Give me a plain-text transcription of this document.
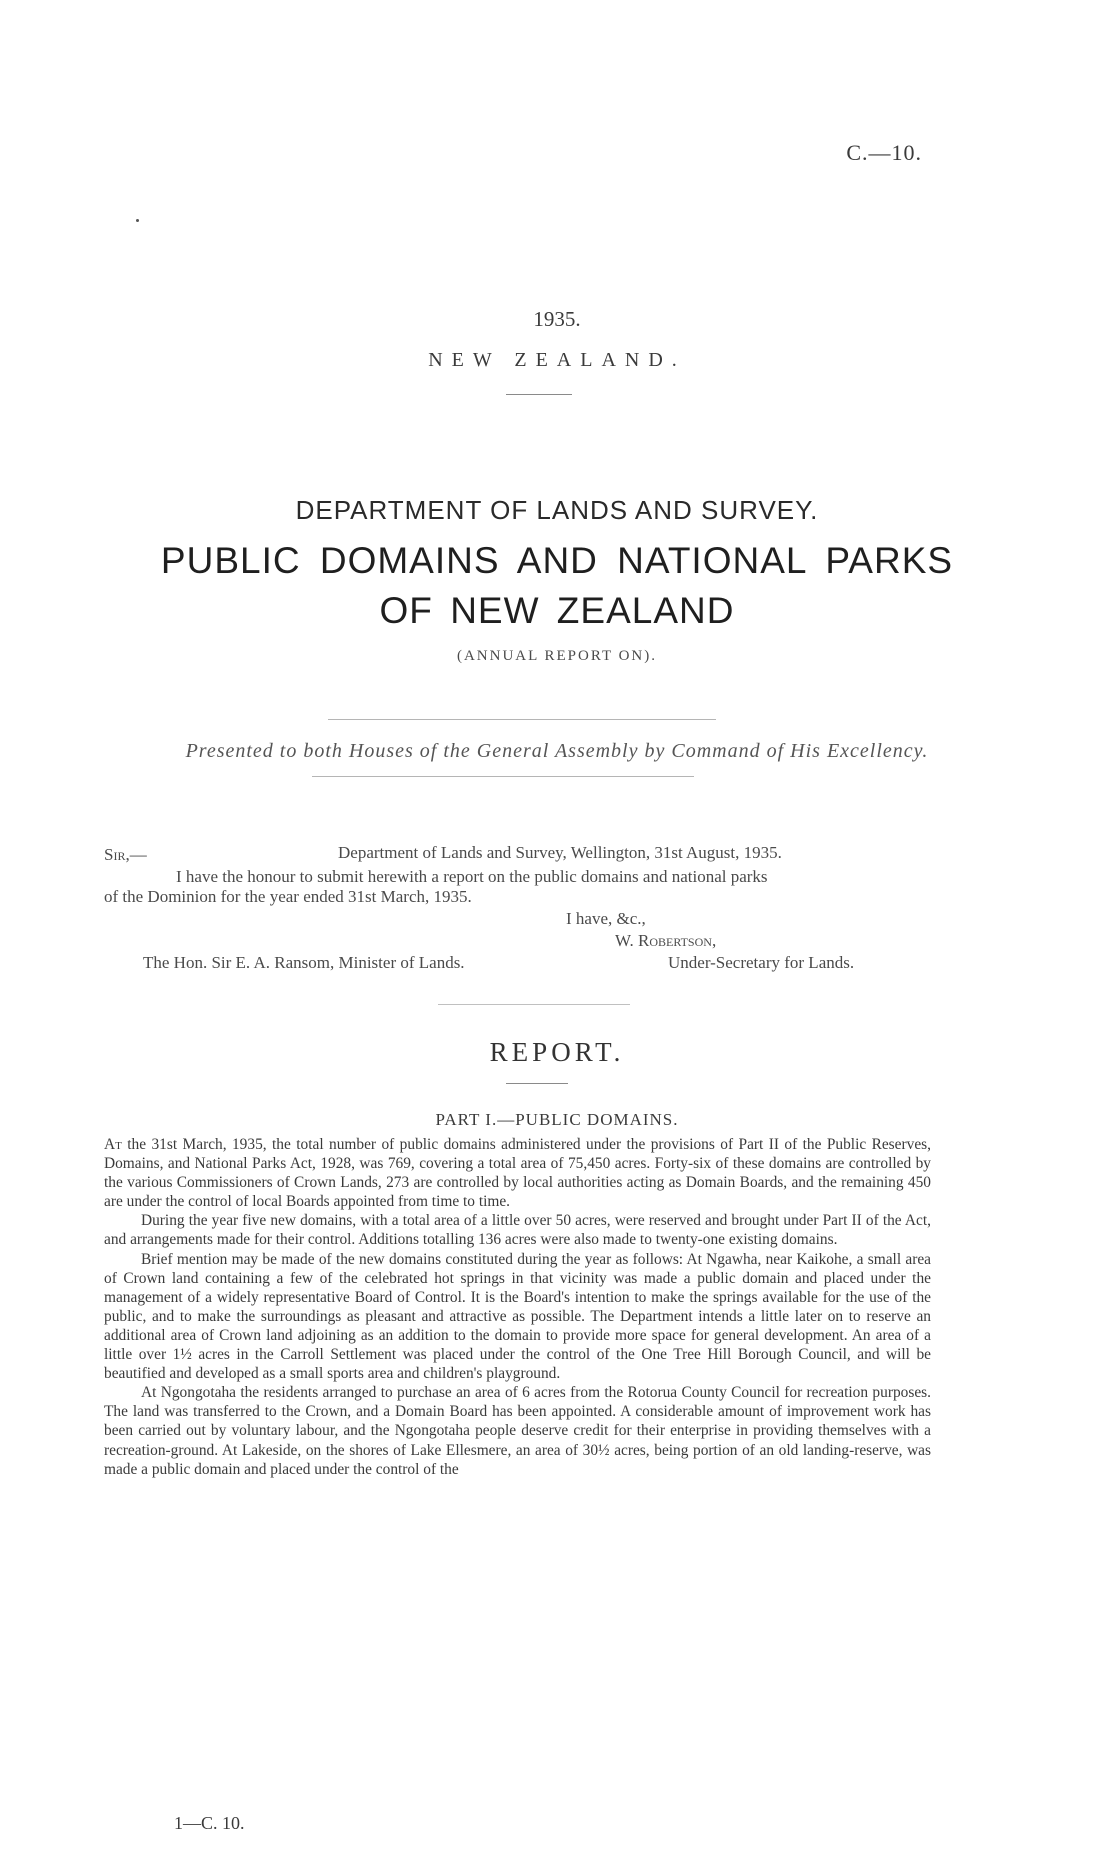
C.—10.
1935.
NEW ZEALAND.
DEPARTMENT OF LANDS AND SURVEY.
PUBLIC DOMAINS AND NATIONAL PARKS
OF NEW ZEALAND
(ANNUAL REPORT ON).
Presented to both Houses of the General Assembly by Command of His Excellency.
Sir,—	Department of Lands and Survey, Wellington, 31st August, 1935.
I have the honour to submit herewith a report on the public domains and national parks
of the Dominion for the year ended 31st March, 1935.
I have, &c.,
W. Robertson,
The Hon. Sir E. A. Ransom, Minister of Lands.	Under-Secretary for Lands.
REPORT.
PART I.—PUBLIC DOMAINS.

At the 31st March, 1935, the total number of public domains administered under the provisions of Part II of the Public Reserves, Domains, and National Parks Act, 1928, was 769, covering a total area of 75,450 acres. Forty-six of these domains are controlled by the various Commissioners of Crown Lands, 273 are controlled by local authorities acting as Domain Boards, and the remaining 450 are under the control of local Boards appointed from time to time.

During the year five new domains, with a total area of a little over 50 acres, were reserved and brought under Part II of the Act, and arrangements made for their control. Additions totalling 136 acres were also made to twenty-one existing domains.

Brief mention may be made of the new domains constituted during the year as follows: At Ngawha, near Kaikohe, a small area of Crown land containing a few of the celebrated hot springs in that vicinity was made a public domain and placed under the management of a widely representative Board of Control. It is the Board's intention to make the springs available for the use of the public, and to make the surroundings as pleasant and attractive as possible. The Department intends a little later on to reserve an additional area of Crown land adjoining as an addition to the domain to provide more space for general development. An area of a little over 1½ acres in the Carroll Settlement was placed under the control of the One Tree Hill Borough Council, and will be beautified and developed as a small sports area and children's playground.

At Ngongotaha the residents arranged to purchase an area of 6 acres from the Rotorua County Council for recreation purposes. The land was transferred to the Crown, and a Domain Board has been appointed. A considerable amount of improvement work has been carried out by voluntary labour, and the Ngongotaha people deserve credit for their enterprise in providing themselves with a recreation-ground. At Lakeside, on the shores of Lake Ellesmere, an area of 30½ acres, being portion of an old landing-reserve, was made a public domain and placed under the control of the

1—C. 10.
